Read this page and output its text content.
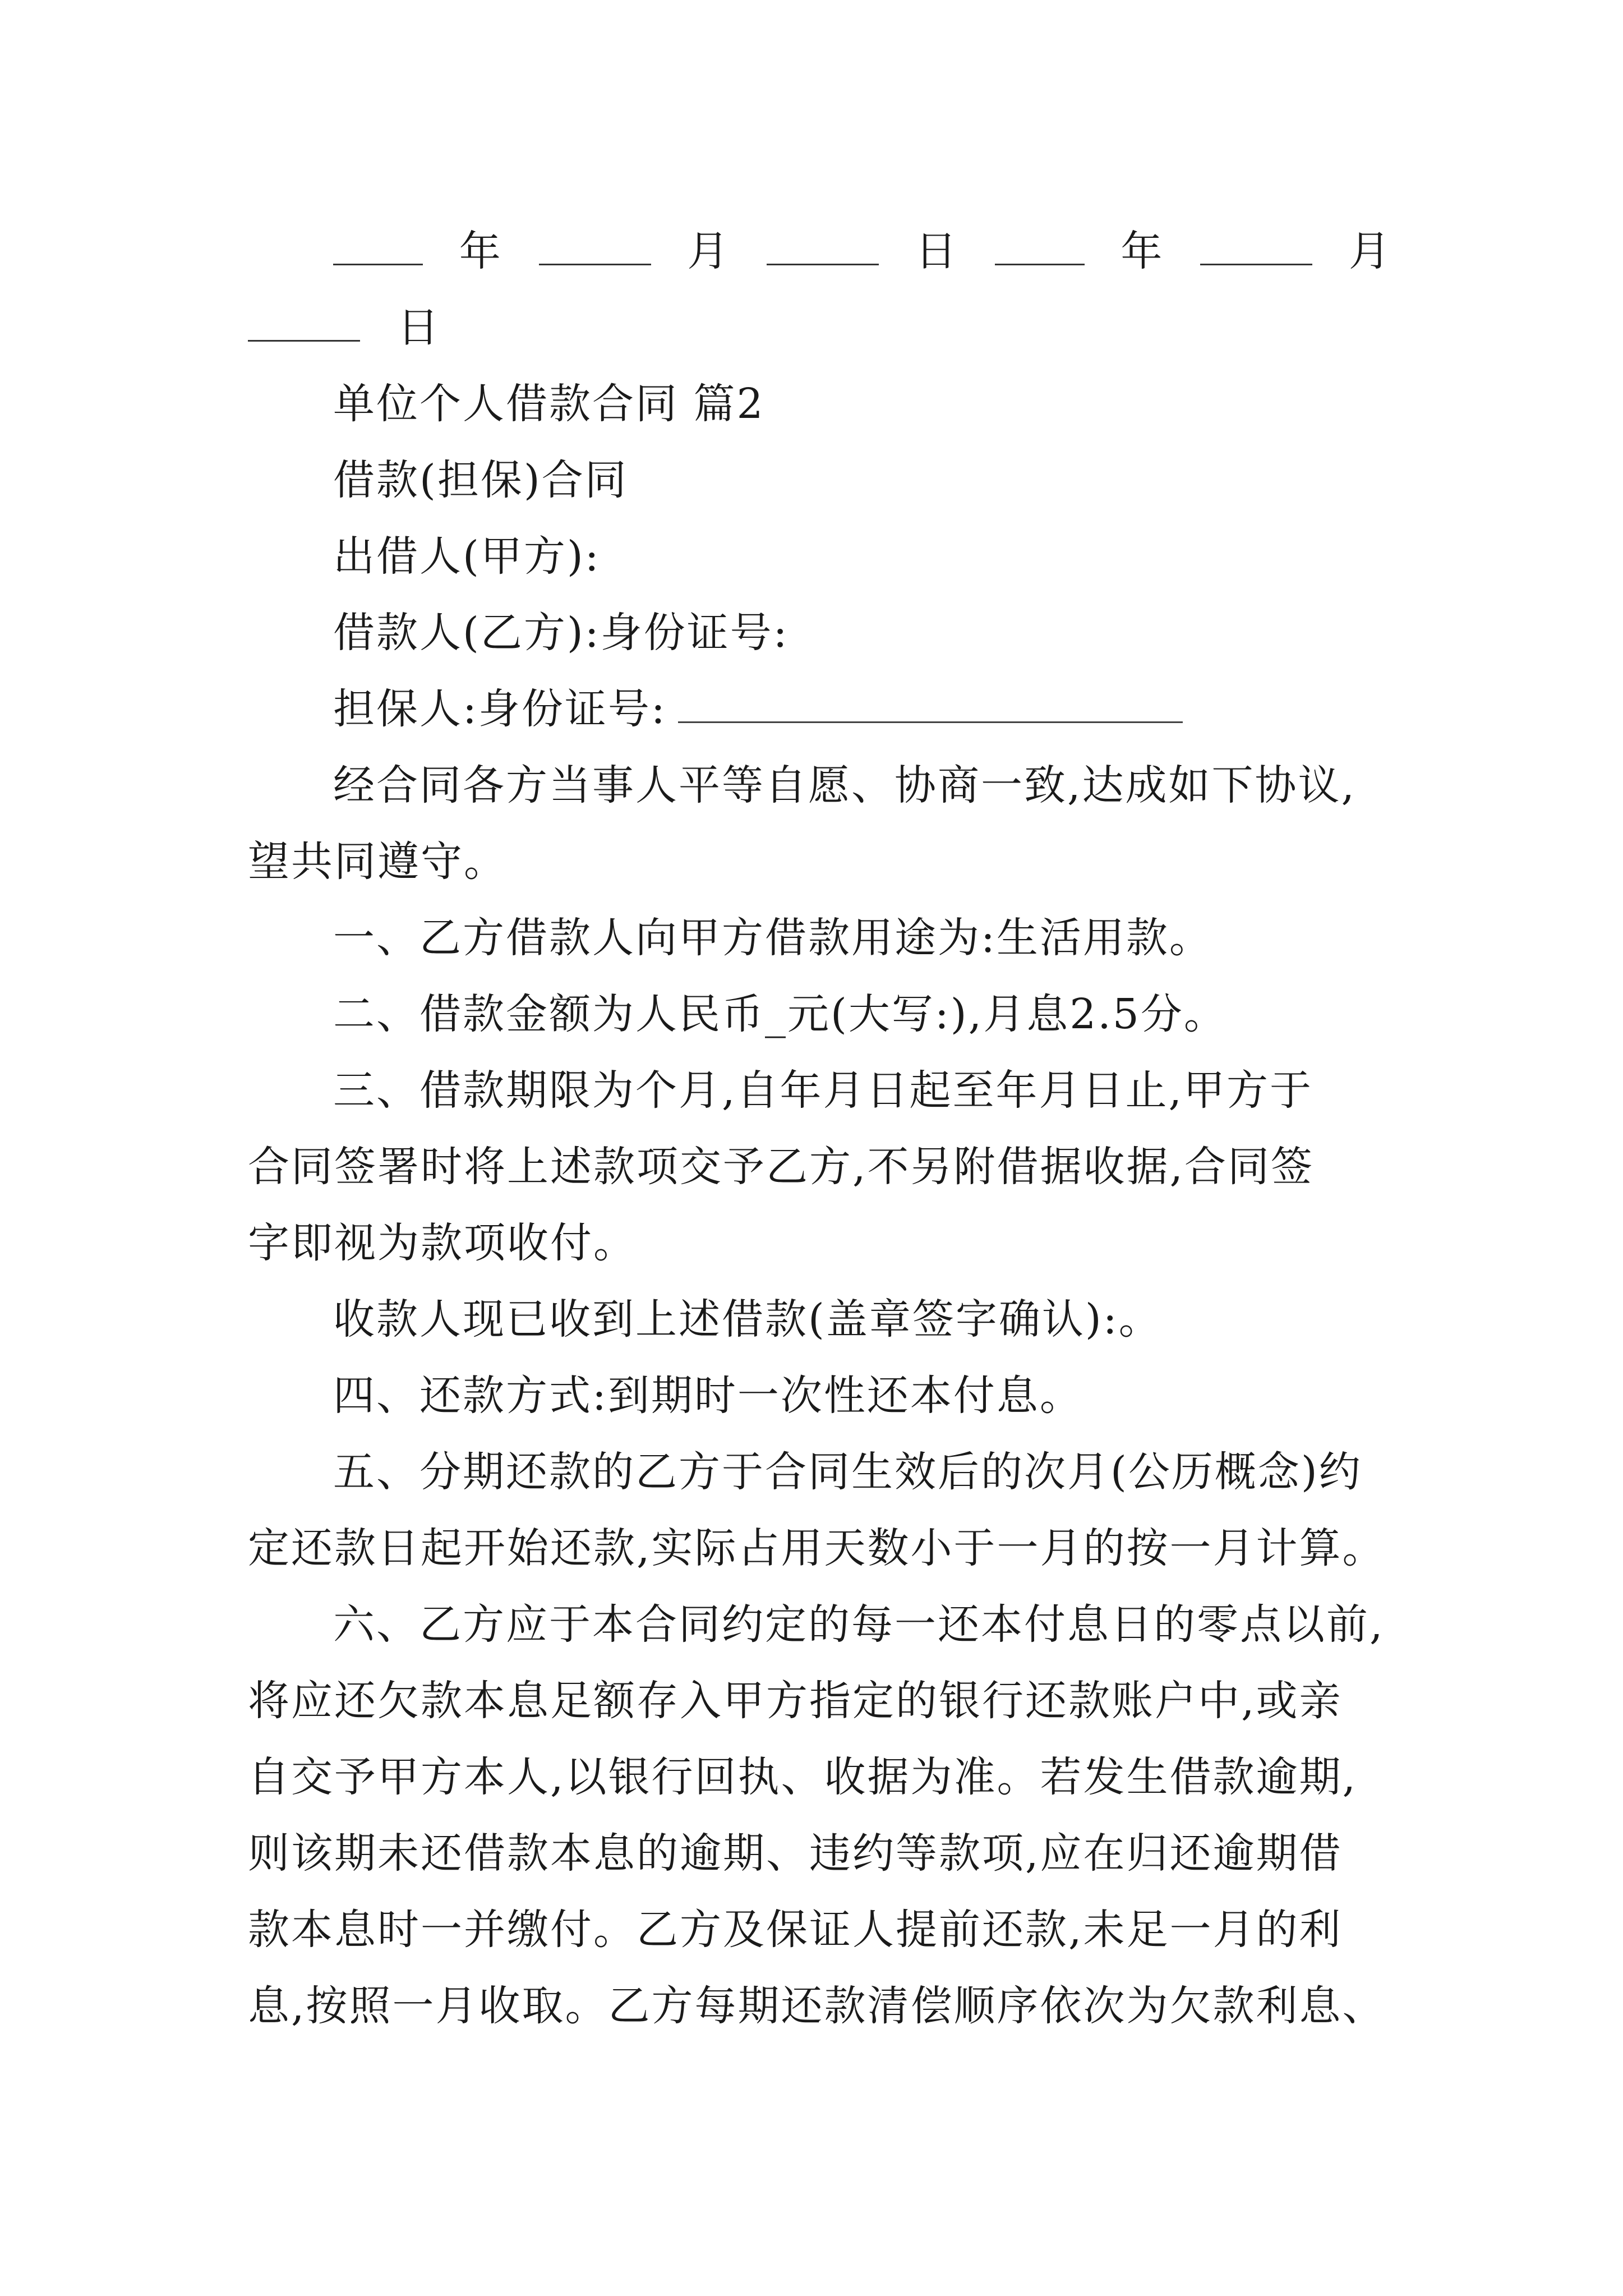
年	月	日	年	月
日
单位个人借款合同 篇2
借款(担保)合同
出借人(甲方):
借款人(乙方):身份证号:
担保人:身份证号:
经合同各方当事人平等自愿、协商一致,达成如下协议,
望共同遵守。
一、乙方借款人向甲方借款用途为:生活用款。
二、借款金额为人民币_元(大写:),月息2.5分。
三、借款期限为个月,自年月日起至年月日止,甲方于
合同签署时将上述款项交予乙方,不另附借据收据,合同签
字即视为款项收付。
收款人现已收到上述借款(盖章签字确认):。
四、还款方式:到期时一次性还本付息。
五、分期还款的乙方于合同生效后的次月(公历概念)约
定还款日起开始还款,实际占用天数小于一月的按一月计算。
六、乙方应于本合同约定的每一还本付息日的零点以前,
将应还欠款本息足额存入甲方指定的银行还款账户中,或亲
自交予甲方本人,以银行回执、收据为准。若发生借款逾期,
则该期未还借款本息的逾期、违约等款项,应在归还逾期借
款本息时一并缴付。乙方及保证人提前还款,未足一月的利
息,按照一月收取。乙方每期还款清偿顺序依次为欠款利息、
